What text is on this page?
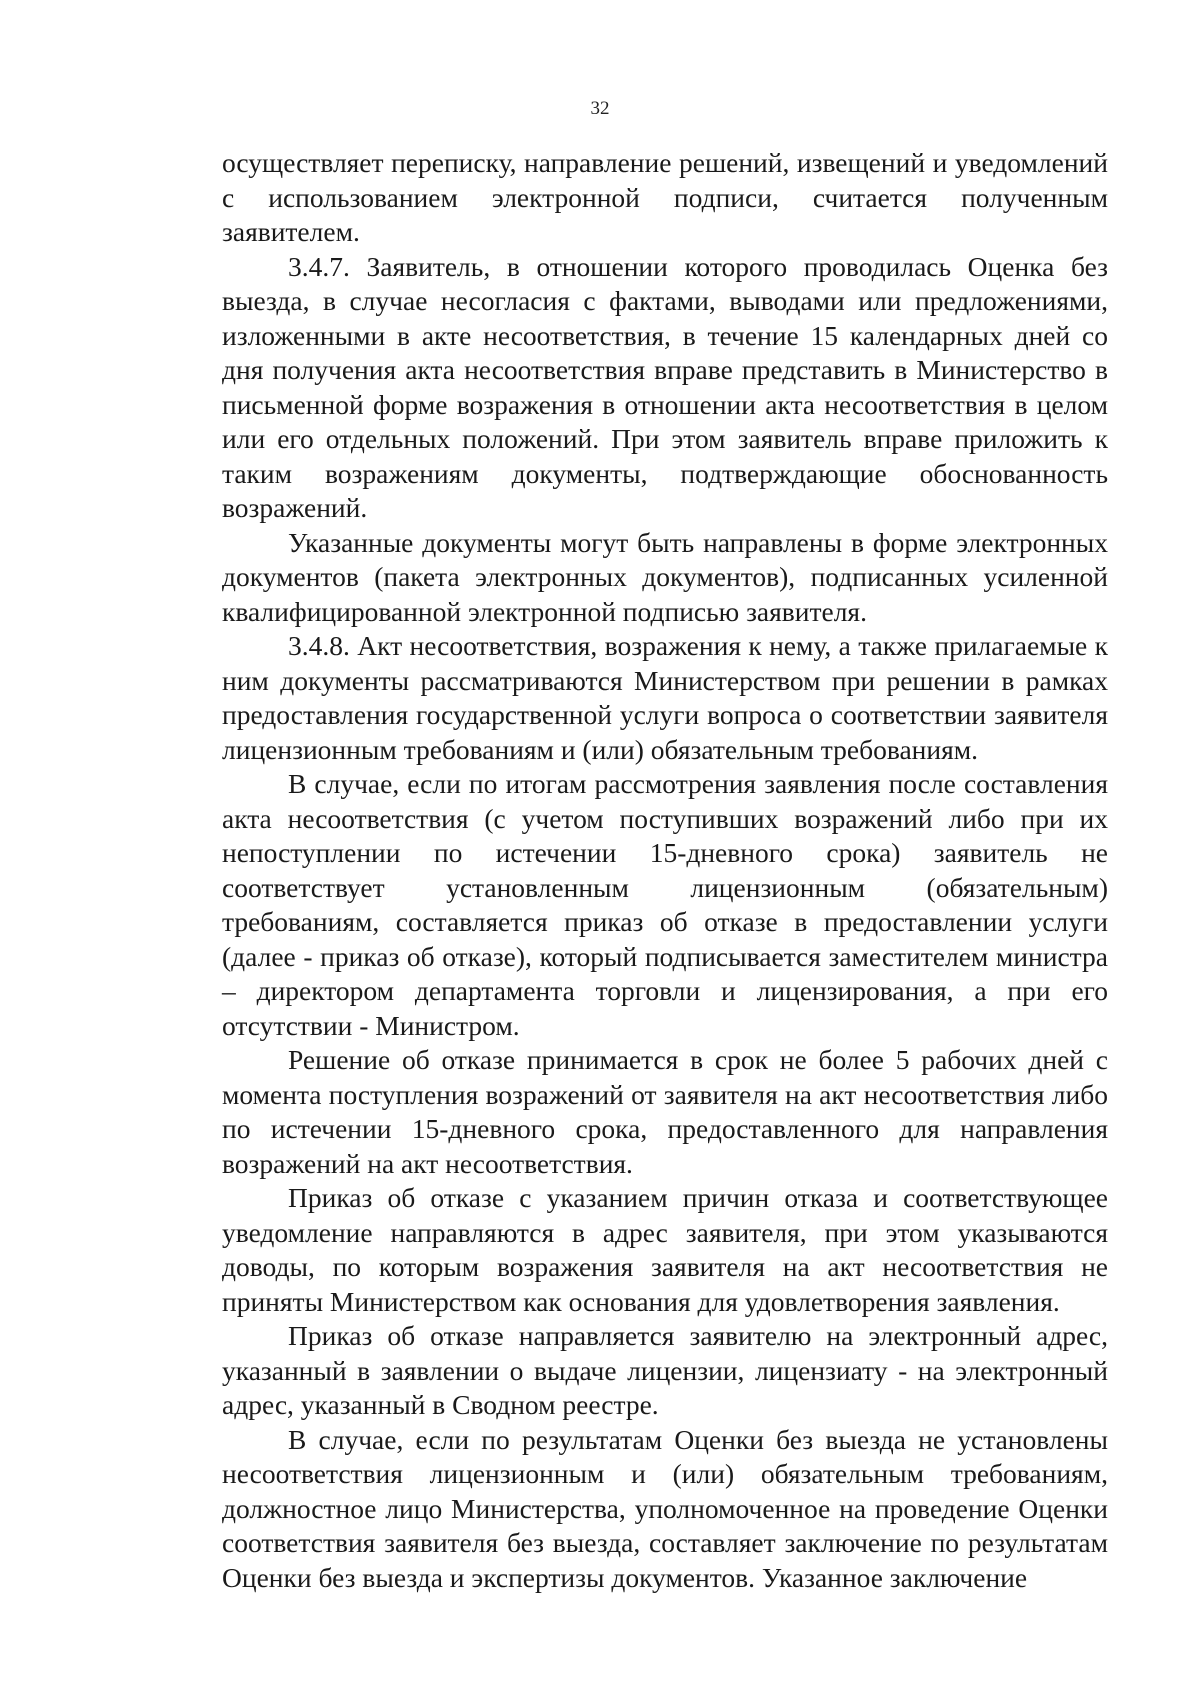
32

осуществляет переписку, направление решений, извещений и уведомлений с использованием электронной подписи, считается полученным заявителем.

3.4.7. Заявитель, в отношении которого проводилась Оценка без выезда, в случае несогласия с фактами, выводами или предложениями, изложенными в акте несоответствия, в течение 15 календарных дней со дня получения акта несоответствия вправе представить в Министерство в письменной форме возражения в отношении акта несоответствия в целом или его отдельных положений. При этом заявитель вправе приложить к таким возражениям документы, подтверждающие обоснованность возражений.

Указанные документы могут быть направлены в форме электронных документов (пакета электронных документов), подписанных усиленной квалифицированной электронной подписью заявителя.

3.4.8. Акт несоответствия, возражения к нему, а также прилагаемые к ним документы рассматриваются Министерством при решении в рамках предоставления государственной услуги вопроса о соответствии заявителя лицензионным требованиям и (или) обязательным требованиям.

В случае, если по итогам рассмотрения заявления после составления акта несоответствия (с учетом поступивших возражений либо при их непоступлении по истечении 15-дневного срока) заявитель не соответствует установленным лицензионным (обязательным) требованиям, составляется приказ об отказе в предоставлении услуги (далее - приказ об отказе), который подписывается заместителем министра – директором департамента торговли и лицензирования, а при его отсутствии - Министром.

Решение об отказе принимается в срок не более 5 рабочих дней с момента поступления возражений от заявителя на акт несоответствия либо по истечении 15-дневного срока, предоставленного для направления возражений на акт несоответствия.

Приказ об отказе с указанием причин отказа и соответствующее уведомление направляются в адрес заявителя, при этом указываются доводы, по которым возражения заявителя на акт несоответствия не приняты Министерством как основания для удовлетворения заявления.

Приказ об отказе направляется заявителю на электронный адрес, указанный в заявлении о выдаче лицензии, лицензиату - на электронный адрес, указанный в Сводном реестре.

В случае, если по результатам Оценки без выезда не установлены несоответствия лицензионным и (или) обязательным требованиям, должностное лицо Министерства, уполномоченное на проведение Оценки соответствия заявителя без выезда, составляет заключение по результатам Оценки без выезда и экспертизы документов. Указанное заключение
